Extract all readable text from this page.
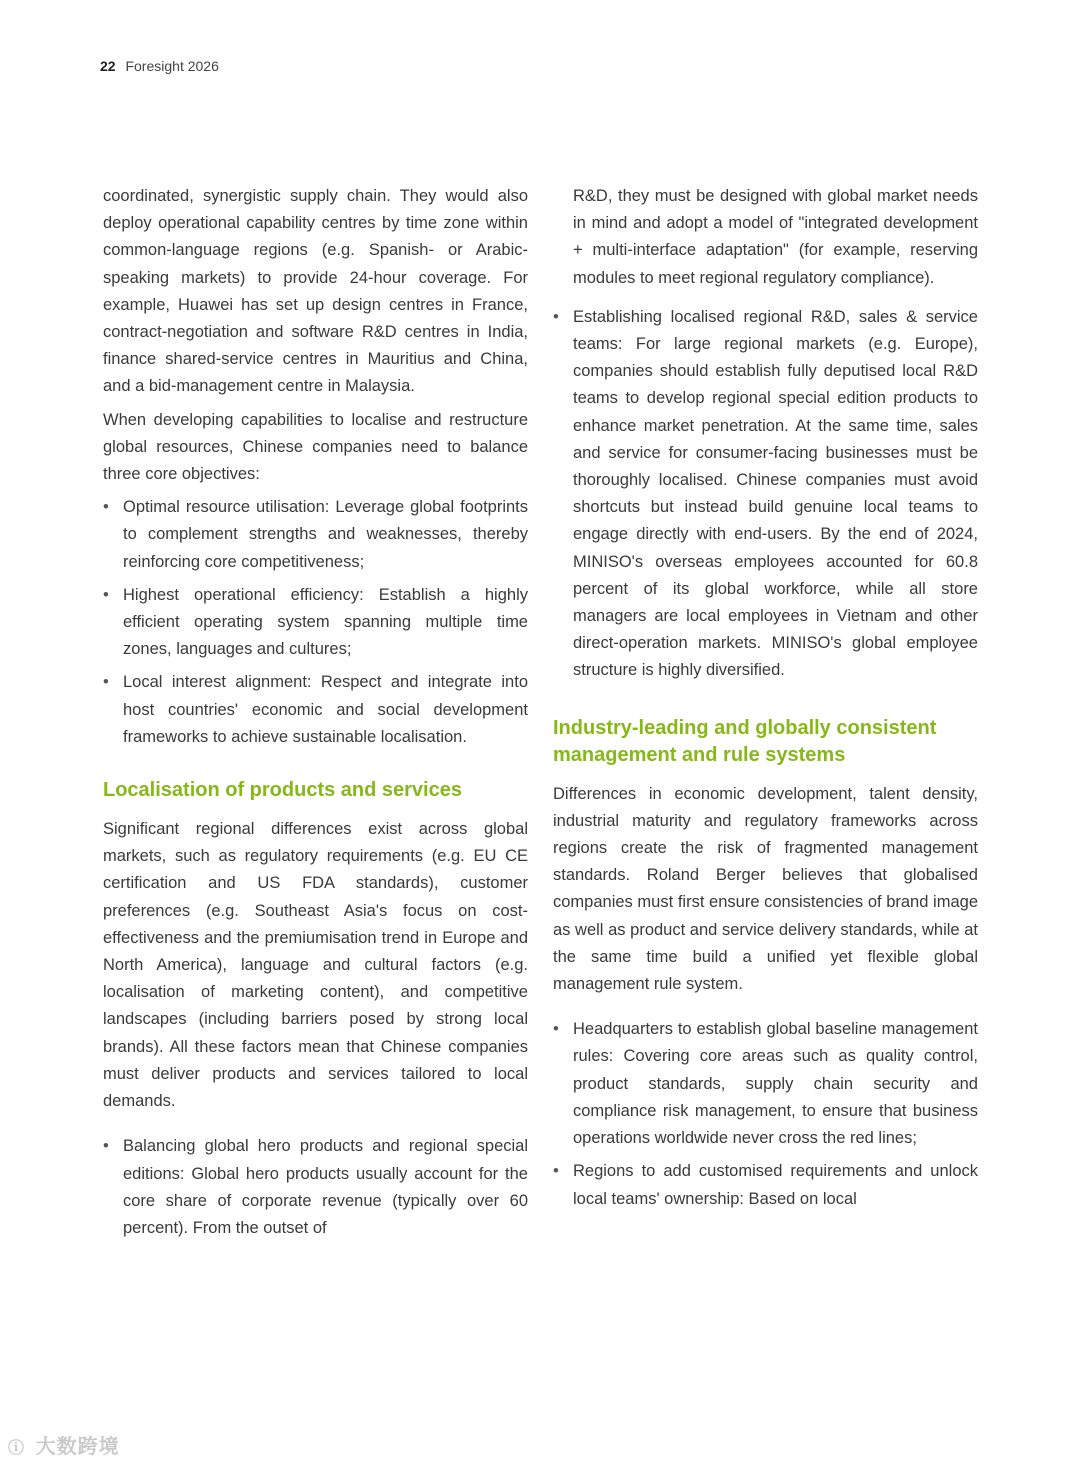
22 Foresight 2026

coordinated, synergistic supply chain. They would also deploy operational capability centres by time zone within common-language regions (e.g. Spanish- or Arabic-speaking markets) to provide 24-hour coverage. For example, Huawei has set up design centres in France, contract-negotiation and software R&D centres in India, finance shared-service centres in Mauritius and China, and a bid-management centre in Malaysia.

When developing capabilities to localise and restructure global resources, Chinese companies need to balance three core objectives:

• Optimal resource utilisation: Leverage global footprints to complement strengths and weaknesses, thereby reinforcing core competitiveness;
• Highest operational efficiency: Establish a highly efficient operating system spanning multiple time zones, languages and cultures;
• Local interest alignment: Respect and integrate into host countries' economic and social development frameworks to achieve sustainable localisation.
Localisation of products and services

Significant regional differences exist across global markets, such as regulatory requirements (e.g. EU CE certification and US FDA standards), customer preferences (e.g. Southeast Asia's focus on cost-effectiveness and the premiumisation trend in Europe and North America), language and cultural factors (e.g. localisation of marketing content), and competitive landscapes (including barriers posed by strong local brands). All these factors mean that Chinese companies must deliver products and services tailored to local demands.

• Balancing global hero products and regional special editions: Global hero products usually account for the core share of corporate revenue (typically over 60 percent). From the outset of
R&D, they must be designed with global market needs in mind and adopt a model of "integrated development + multi-interface adaptation" (for example, reserving modules to meet regional regulatory compliance).
• Establishing localised regional R&D, sales & service teams: For large regional markets (e.g. Europe), companies should establish fully deputised local R&D teams to develop regional special edition products to enhance market penetration. At the same time, sales and service for consumer-facing businesses must be thoroughly localised. Chinese companies must avoid shortcuts but instead build genuine local teams to engage directly with end-users. By the end of 2024, MINISO's overseas employees accounted for 60.8 percent of its global workforce, while all store managers are local employees in Vietnam and other direct-operation markets. MINISO's global employee structure is highly diversified.
Industry-leading and globally consistent management and rule systems

Differences in economic development, talent density, industrial maturity and regulatory frameworks across regions create the risk of fragmented management standards. Roland Berger believes that globalised companies must first ensure consistencies of brand image as well as product and service delivery standards, while at the same time build a unified yet flexible global management rule system.

• Headquarters to establish global baseline management rules: Covering core areas such as quality control, product standards, supply chain security and compliance risk management, to ensure that business operations worldwide never cross the red lines;
• Regions to add customised requirements and unlock local teams' ownership: Based on local
ⓘ 大数跨境
